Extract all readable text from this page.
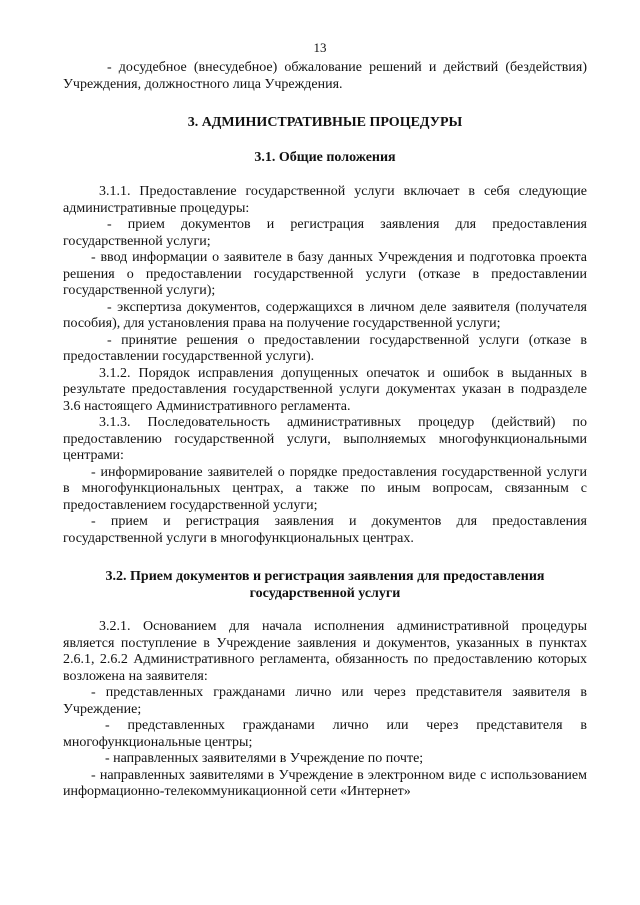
13

- досудебное (внесудебное) обжалование решений и действий (бездействия) Учреждения, должностного лица Учреждения.

3. АДМИНИСТРАТИВНЫЕ ПРОЦЕДУРЫ
3.1. Общие положения

3.1.1. Предоставление государственной услуги включает в себя следующие административные процедуры:

- прием документов и регистрация заявления для предоставления государственной услуги;

- ввод информации о заявителе в базу данных Учреждения и подготовка проекта решения о предоставлении государственной услуги (отказе в предоставлении государственной услуги);

- экспертиза документов, содержащихся в личном деле заявителя (получателя пособия), для установления права на получение государственной услуги;

- принятие решения о предоставлении государственной услуги (отказе в предоставлении государственной услуги).

3.1.2. Порядок исправления допущенных опечаток и ошибок в выданных в результате предоставления государственной услуги документах указан в подразделе 3.6 настоящего Административного регламента.

3.1.3. Последовательность административных процедур (действий) по предоставлению государственной услуги, выполняемых многофункциональными центрами:

- информирование заявителей о порядке предоставления государственной услуги в многофункциональных центрах, а также по иным вопросам, связанным с предоставлением государственной услуги;

- прием и регистрация заявления и документов для предоставления государственной услуги в многофункциональных центрах.

3.2. Прием документов и регистрация заявления для предоставления
государственной услуги

3.2.1. Основанием для начала исполнения административной процедуры является поступление в Учреждение заявления и документов, указанных в пунктах 2.6.1, 2.6.2 Административного регламента, обязанность по предоставлению которых возложена на заявителя:

- представленных гражданами лично или через представителя заявителя в Учреждение;

- представленных гражданами лично или через представителя в многофункциональные центры;

- направленных заявителями в Учреждение по почте;

- направленных заявителями в Учреждение в электронном виде с использованием информационно-телекоммуникационной сети «Интернет»
